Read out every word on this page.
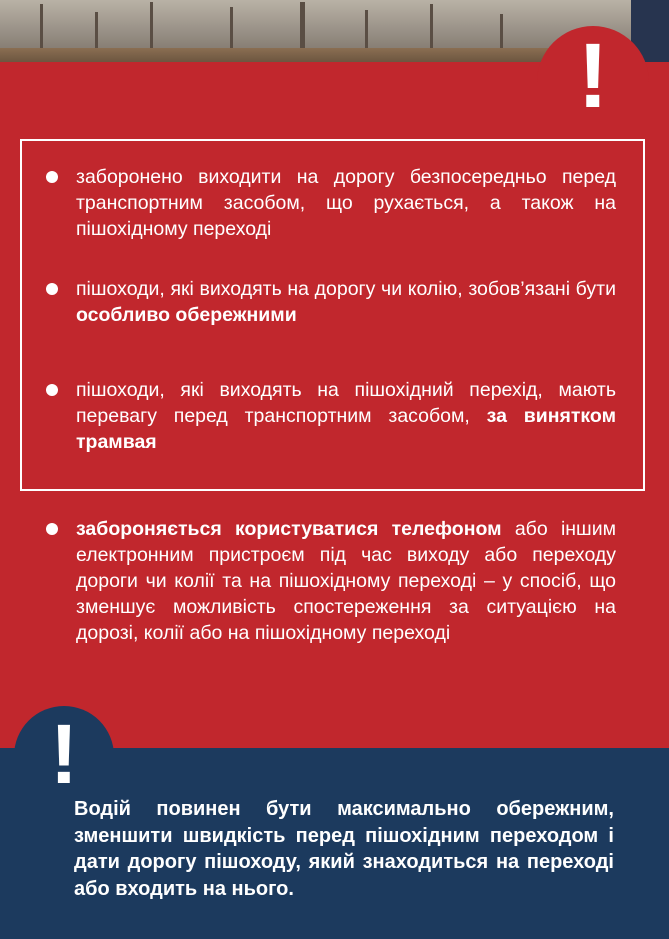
!
заборонено виходити на дорогу безпосередньо перед транспортним засобом, що рухається, а також на пішохідному переході
пішоходи, які виходять на дорогу чи колію, зобов’язані бути особливо обережними
пішоходи, які виходять на пішохідний перехід, мають перевагу перед транспортним засобом, за винятком трамвая
забороняється користуватися телефоном або іншим електронним пристроєм під час виходу або переходу дороги чи колії та на пішохідному переході – у спосіб, що зменшує можливість спостереження за ситуацією на дорозі, колії або на пішохідному переході
!
Водій повинен бути максимально обережним, зменшити швидкість перед пішохідним переходом і дати дорогу пішоходу, який знаходиться на переході або входить на нього.
